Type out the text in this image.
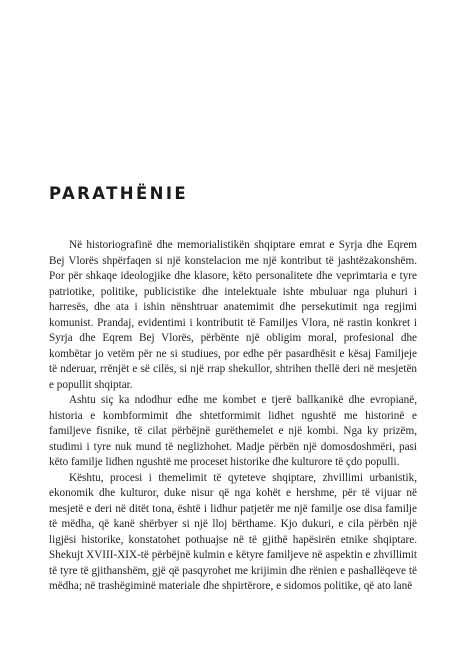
PARATHËNIE

Në historiografinë dhe memorialistikën shqiptare emrat e Syrja dhe Eqrem Bej Vlorës shpërfaqen si një konstelacion me një kontribut të jashtëzakonshëm. Por për shkaqe ideologjike dhe klasore, këto personalitete dhe veprimtaria e tyre patriotike, politike, publicistike dhe intelektuale ishte mbuluar nga pluhuri i harresës, dhe ata i ishin nënshtruar anatemimit dhe persekutimit nga regjimi komunist. Prandaj, evidentimi i kontributit të Familjes Vlora, në rastin konkret i Syrja dhe Eqrem Bej Vlorës, përbënte një obligim moral, profesional dhe kombëtar jo vetëm për ne si studiues, por edhe për pasardhësit e kësaj Familjeje të nderuar, rrënjët e së cilës, si një rrap shekullor, shtrihen thellë deri në mesjetën e popullit shqiptar.

Ashtu siç ka ndodhur edhe me kombet e tjerë ballkanikë dhe evropianë, historia e kombformimit dhe shtetformimit lidhet ngushtë me historinë e familjeve fisnike, të cilat përbëjnë gurëthemelet e një kombi. Nga ky prizëm, studimi i tyre nuk mund të neglizhohet. Madje përbën një domosdoshmëri, pasi këto familje lidhen ngushtë me proceset historike dhe kulturore të çdo populli.

Kështu, procesi i themelimit të qyteteve shqiptare, zhvillimi urbanistik, ekonomik dhe kulturor, duke nisur që nga kohët e hershme, për të vijuar në mesjetë e deri në ditët tona, është i lidhur patjetër me një familje ose disa familje të mëdha, që kanë shërbyer si një lloj bërthame. Kjo dukuri, e cila përbën një ligjësi historike, konstatohet pothuajse në të gjithë hapësirën etnike shqiptare. Shekujt XVIII-XIX-të përbëjnë kulmin e këtyre familjeve në aspektin e zhvillimit të tyre të gjithanshëm, gjë që pasqyrohet me krijimin dhe rënien e pashallëqeve të mëdha; në trashëgiminë materiale dhe shpirtërore, e sidomos politike, që ato lanë
